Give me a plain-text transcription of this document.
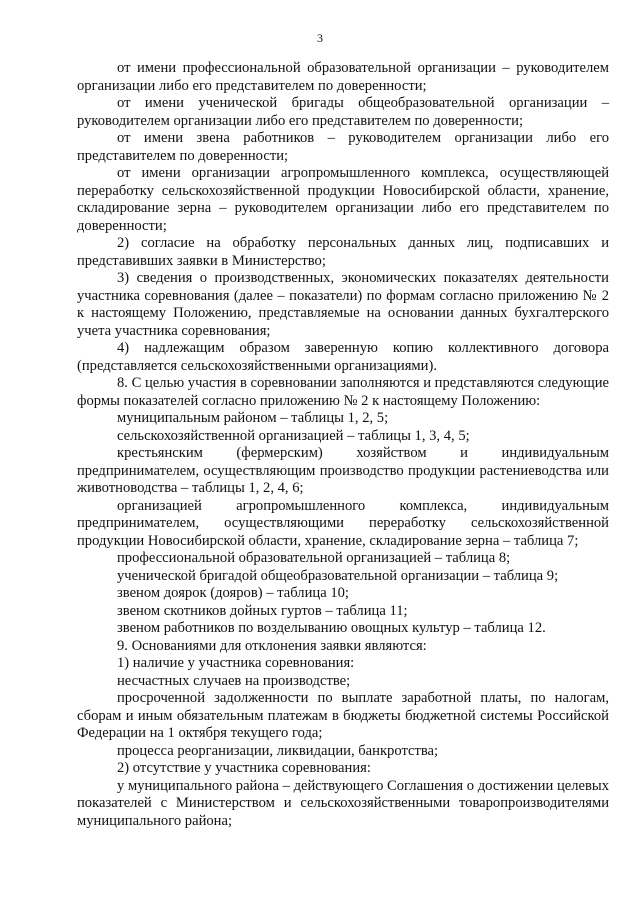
3

от имени профессиональной образовательной организации – руководителем организации либо его представителем по доверенности;

от имени ученической бригады общеобразовательной организации – руководителем организации либо его представителем по доверенности;

от имени звена работников – руководителем организации либо его представителем по доверенности;

от имени организации агропромышленного комплекса, осуществляющей переработку сельскохозяйственной продукции Новосибирской области, хранение, складирование зерна – руководителем организации либо его представителем по доверенности;

2) согласие на обработку персональных данных лиц, подписавших и представивших заявки в Министерство;

3) сведения о производственных, экономических показателях деятельности участника соревнования (далее – показатели) по формам согласно приложению № 2 к настоящему Положению, представляемые на основании данных бухгалтерского учета участника соревнования;

4) надлежащим образом заверенную копию коллективного договора (представляется сельскохозяйственными организациями).

8. С целью участия в соревновании заполняются и представляются следующие формы показателей согласно приложению № 2 к настоящему Положению:

муниципальным районом – таблицы 1, 2, 5;

сельскохозяйственной организацией – таблицы 1, 3, 4, 5;

крестьянским (фермерским) хозяйством и индивидуальным предпринимателем, осуществляющим производство продукции растениеводства или животноводства – таблицы 1, 2, 4, 6;

организацией агропромышленного комплекса, индивидуальным предпринимателем, осуществляющими переработку сельскохозяйственной продукции Новосибирской области, хранение, складирование зерна – таблица 7;

профессиональной образовательной организацией – таблица 8;

ученической бригадой общеобразовательной организации – таблица 9;

звеном доярок (дояров) – таблица 10;

звеном скотников дойных гуртов – таблица 11;

звеном работников по возделыванию овощных культур – таблица 12.

9. Основаниями для отклонения заявки являются:

1) наличие у участника соревнования:

несчастных случаев на производстве;

просроченной задолженности по выплате заработной платы, по налогам, сборам и иным обязательным платежам в бюджеты бюджетной системы Российской Федерации на 1 октября текущего года;

процесса реорганизации, ликвидации, банкротства;

2) отсутствие у участника соревнования:

у муниципального района – действующего Соглашения о достижении целевых показателей с Министерством и сельскохозяйственными товаропроизводителями муниципального района;
